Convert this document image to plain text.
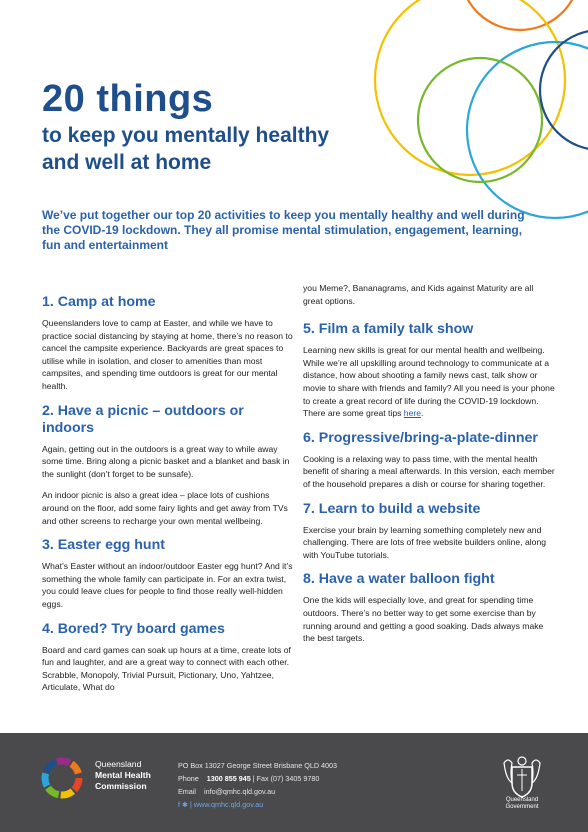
20 things
to keep you mentally healthy and well at home

We’ve put together our top 20 activities to keep you mentally healthy and well during the COVID-19 lockdown. They all promise mental stimulation, engagement, learning, fun and entertainment

1. Camp at home

Queenslanders love to camp at Easter, and while we have to practice social distancing by staying at home, there’s no reason to cancel the campsite experience. Backyards are great spaces to utilise while in isolation, and closer to amenities than most campsites, and spending time outdoors is great for our mental health.

2. Have a picnic – outdoors or indoors

Again, getting out in the outdoors is a great way to while away some time. Bring along a picnic basket and a blanket and bask in the sunlight (don’t forget to be sunsafe).

An indoor picnic is also a great idea – place lots of cushions around on the floor, add some fairy lights and get away from TVs and other screens to recharge your own mental wellbeing.

3. Easter egg hunt

What’s Easter without an indoor/outdoor Easter egg hunt? And it’s something the whole family can participate in. For an extra twist, you could leave clues for people to find those really well-hidden eggs.

4. Bored? Try board games

Board and card games can soak up hours at a time, create lots of fun and laughter, and are a great way to connect with each other. Scrabble, Monopoly, Trivial Pursuit, Pictionary, Uno, Yahtzee, Articulate, What do

you Meme?, Bananagrams, and Kids against Maturity are all great options.

5. Film a family talk show

Learning new skills is great for our mental health and wellbeing. While we’re all upskilling around technology to communicate at a distance, how about shooting a family news cast, talk show or movie to share with friends and family? All you need is your phone to create a great record of life during the COVID-19 lockdown. There are some great tips here.

6. Progressive/bring-a-plate-dinner

Cooking is a relaxing way to pass time, with the mental health benefit of sharing a meal afterwards. In this version, each member of the household prepares a dish or course for sharing together.

7. Learn to build a website

Exercise your brain by learning something completely new and challenging. There are lots of free website builders online, along with YouTube tutorials.

8. Have a water balloon fight

One the kids will especially love, and great for spending time outdoors. There’s no better way to get some exercise than by running around and getting a good soaking. Dads always make the best targets.

Queensland
Mental Health
Commission
PO Box 13027 George Street Brisbane QLD 4003
Phone 1300 855 945 | Fax (07) 3405 9780
Email info@qmhc.qld.gov.au
f ✱ | www.qmhc.qld.gov.au	Queensland
Government
